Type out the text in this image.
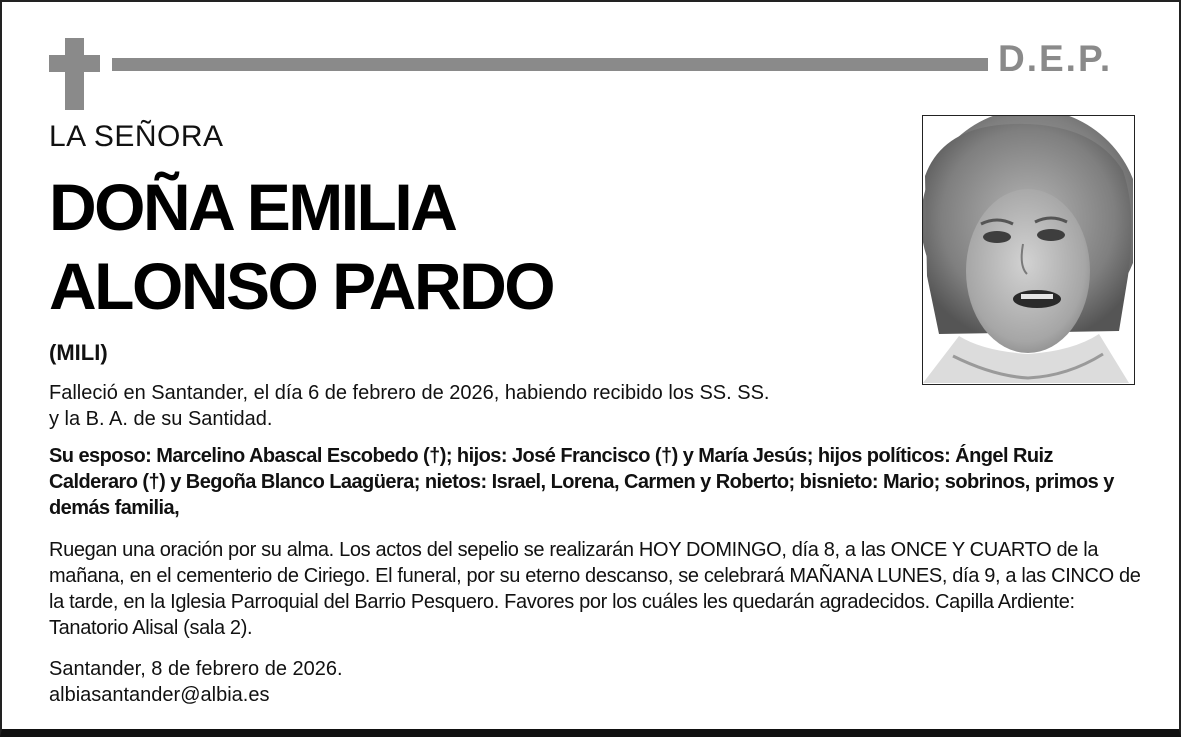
D.E.P.
LA SEÑORA
DOÑA EMILIA
ALONSO PARDO
(MILI)
Falleció en Santander, el día 6 de febrero de 2026, habiendo recibido los SS. SS.
y la B. A. de su Santidad.

Su esposo: Marcelino Abascal Escobedo (†); hijos: José Francisco (†) y María Jesús; hijos políticos: Ángel Ruiz Calderaro (†) y Begoña Blanco Laagüera; nietos: Israel, Lorena, Carmen y Roberto; bisnieto: Mario; sobrinos, primos y demás familia,

Ruegan una oración por su alma. Los actos del sepelio se realizarán HOY DOMINGO, día 8, a las ONCE Y CUARTO de la mañana, en el cementerio de Ciriego. El funeral, por su eterno descanso, se celebrará MAÑANA LUNES, día 9, a las CINCO de la tarde, en la Iglesia Parroquial del Barrio Pesquero. Favores por los cuáles les quedarán agradecidos. Capilla Ardiente: Tanatorio Alisal (sala 2).

Santander, 8 de febrero de 2026.
albiasantander@albia.es
